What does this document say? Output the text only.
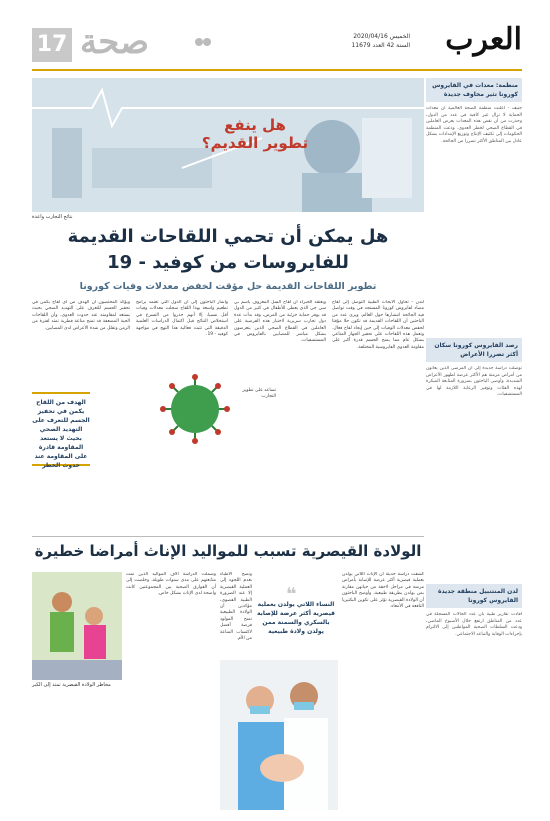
17 صحة	الخميس 2020/04/16
السنة 42 العدد 11679 العرب
هل ينفع
تطوير القديم؟
نتائج التجارب واعدة
هل يمكن أن تحمي اللقاحات القديمة
للفايروسات من كوفيد - 19
تطوير اللقاحات القديمة حل مؤقت لخفض معدلات وفيات كورونا
لندن - تحاول الأبحاث الطبية التوصل إلى لقاح مضاد لفايروس كورونا المستجد في وقت تواصل فيه الجائحة انتشارها حول العالم، ويرى عدد من الباحثين أن اللقاحات القديمة قد تكون حلا مؤقتا لخفض معدلات الوفيات إلى حين إيجاد لقاح فعال. وتعمل هذه اللقاحات على تحفيز الجهاز المناعي بشكل عام مما يمنح الجسم قدرة أكبر على مقاومة العدوى الفايروسية المختلفة.
ويعتقد الخبراء أن لقاح السل المعروف باسم بي سي جي الذي يعطى للأطفال في كثير من الدول قد يوفر حماية جزئية من المرض، وقد بدأت عدة دول تجارب سريرية لاختبار هذه الفرضية على العاملين في القطاع الصحي الذين يتعرضون بشكل مباشر للمصابين بالفايروس في المستشفيات.
وأشار الباحثون إلى أن الدول التي تعتمد برامج تطعيم واسعة بهذا اللقاح سجلت معدلات وفيات أقل نسبيا، إلا أنهم حذروا من التسرع في استخلاص النتائج قبل اكتمال الدراسات العلمية الدقيقة التي تثبت فعالية هذا النهج في مواجهة كوفيد - 19.
ويؤكد المختصون أن الهدف من أي لقاح يكمن في تحفيز الجسم للتعرف على التهديد الصحي بحيث يستعد لمقاومته عند حدوث العدوى، وأن اللقاحات الحية المضعفة قد تمنح مناعة فطرية تمتد لفترة من الزمن وتقلل من شدة الأعراض لدى المصابين.
الهدف من اللقاح يكمن في تحفيز الجسم للتعرف على التهديد الصحي بحيث لا يستعد المقاومة قادرة على المقاومة عند حدوث الخطر
تساعد على تطوير التجارب
الولادة القيصرية تسبب للمواليد الإناث أمراضا خطيرة
مخاطر الولادة القيصرية تمتد إلى الكبر
وشملت الدراسة آلاف المواليد الذين تمت متابعتهم على مدى سنوات طويلة، وخلصت إلى أن الفوارق الصحية بين المجموعتين كانت واضحة لدى الإناث بشكل خاص.
ونصح الأطباء بعدم اللجوء إلى العملية القيصرية إلا عند الضرورة الطبية القصوى، مؤكدين أن الولادة الطبيعية تمنح المولود فرصة أفضل لاكتساب المناعة من الأم.
❝
النساء اللاتي يولدن بعملية قيصرية أكثر عرضة للإصابة بالسكري والسمنة ممن يولدن ولادة طبيعية
كشفت دراسة حديثة أن الإناث اللاتي يولدن بعملية قيصرية أكثر عرضة للإصابة بأمراض مزمنة في مراحل لاحقة من حياتهن مقارنة بمن يولدن بطريقة طبيعية، وأوضح الباحثون أن الولادة القيصرية تؤثر على تكوين البكتيريا النافعة في الأمعاء.
منظمة: معدات في الفايروس كورونا تثير مخاوف جديدة
جنيف - أعلنت منظمة الصحة العالمية أن معدات الحماية لا تزال غير كافية في عدد من الدول، وحذرت من أن نقص هذه المعدات يعرض العاملين في القطاع الصحي لخطر العدوى. ودعت المنظمة الحكومات إلى تكثيف الإنتاج وتوزيع الإمدادات بشكل عادل بين المناطق الأكثر تضررا من الجائحة.
رصد الفايروس كورونا سكان أكثر تضررا الأعراض
توصلت دراسة جديدة إلى أن المرضى الذين يعانون من أمراض مزمنة هم الأكثر عرضة لظهور الأعراض الشديدة، وأوصى الباحثون بضرورة المتابعة المبكرة لهذه الفئات وتوفير الرعاية اللازمة لها في المستشفيات.
لدن المنتنبيل منطقة جديدة الفايروس كورونا
أفادت تقارير طبية بأن عدد الحالات المسجلة في عدد من المناطق ارتفع خلال الأسبوع الماضي، ودعت السلطات الصحية المواطنين إلى الالتزام بإجراءات الوقاية والتباعد الاجتماعي.
